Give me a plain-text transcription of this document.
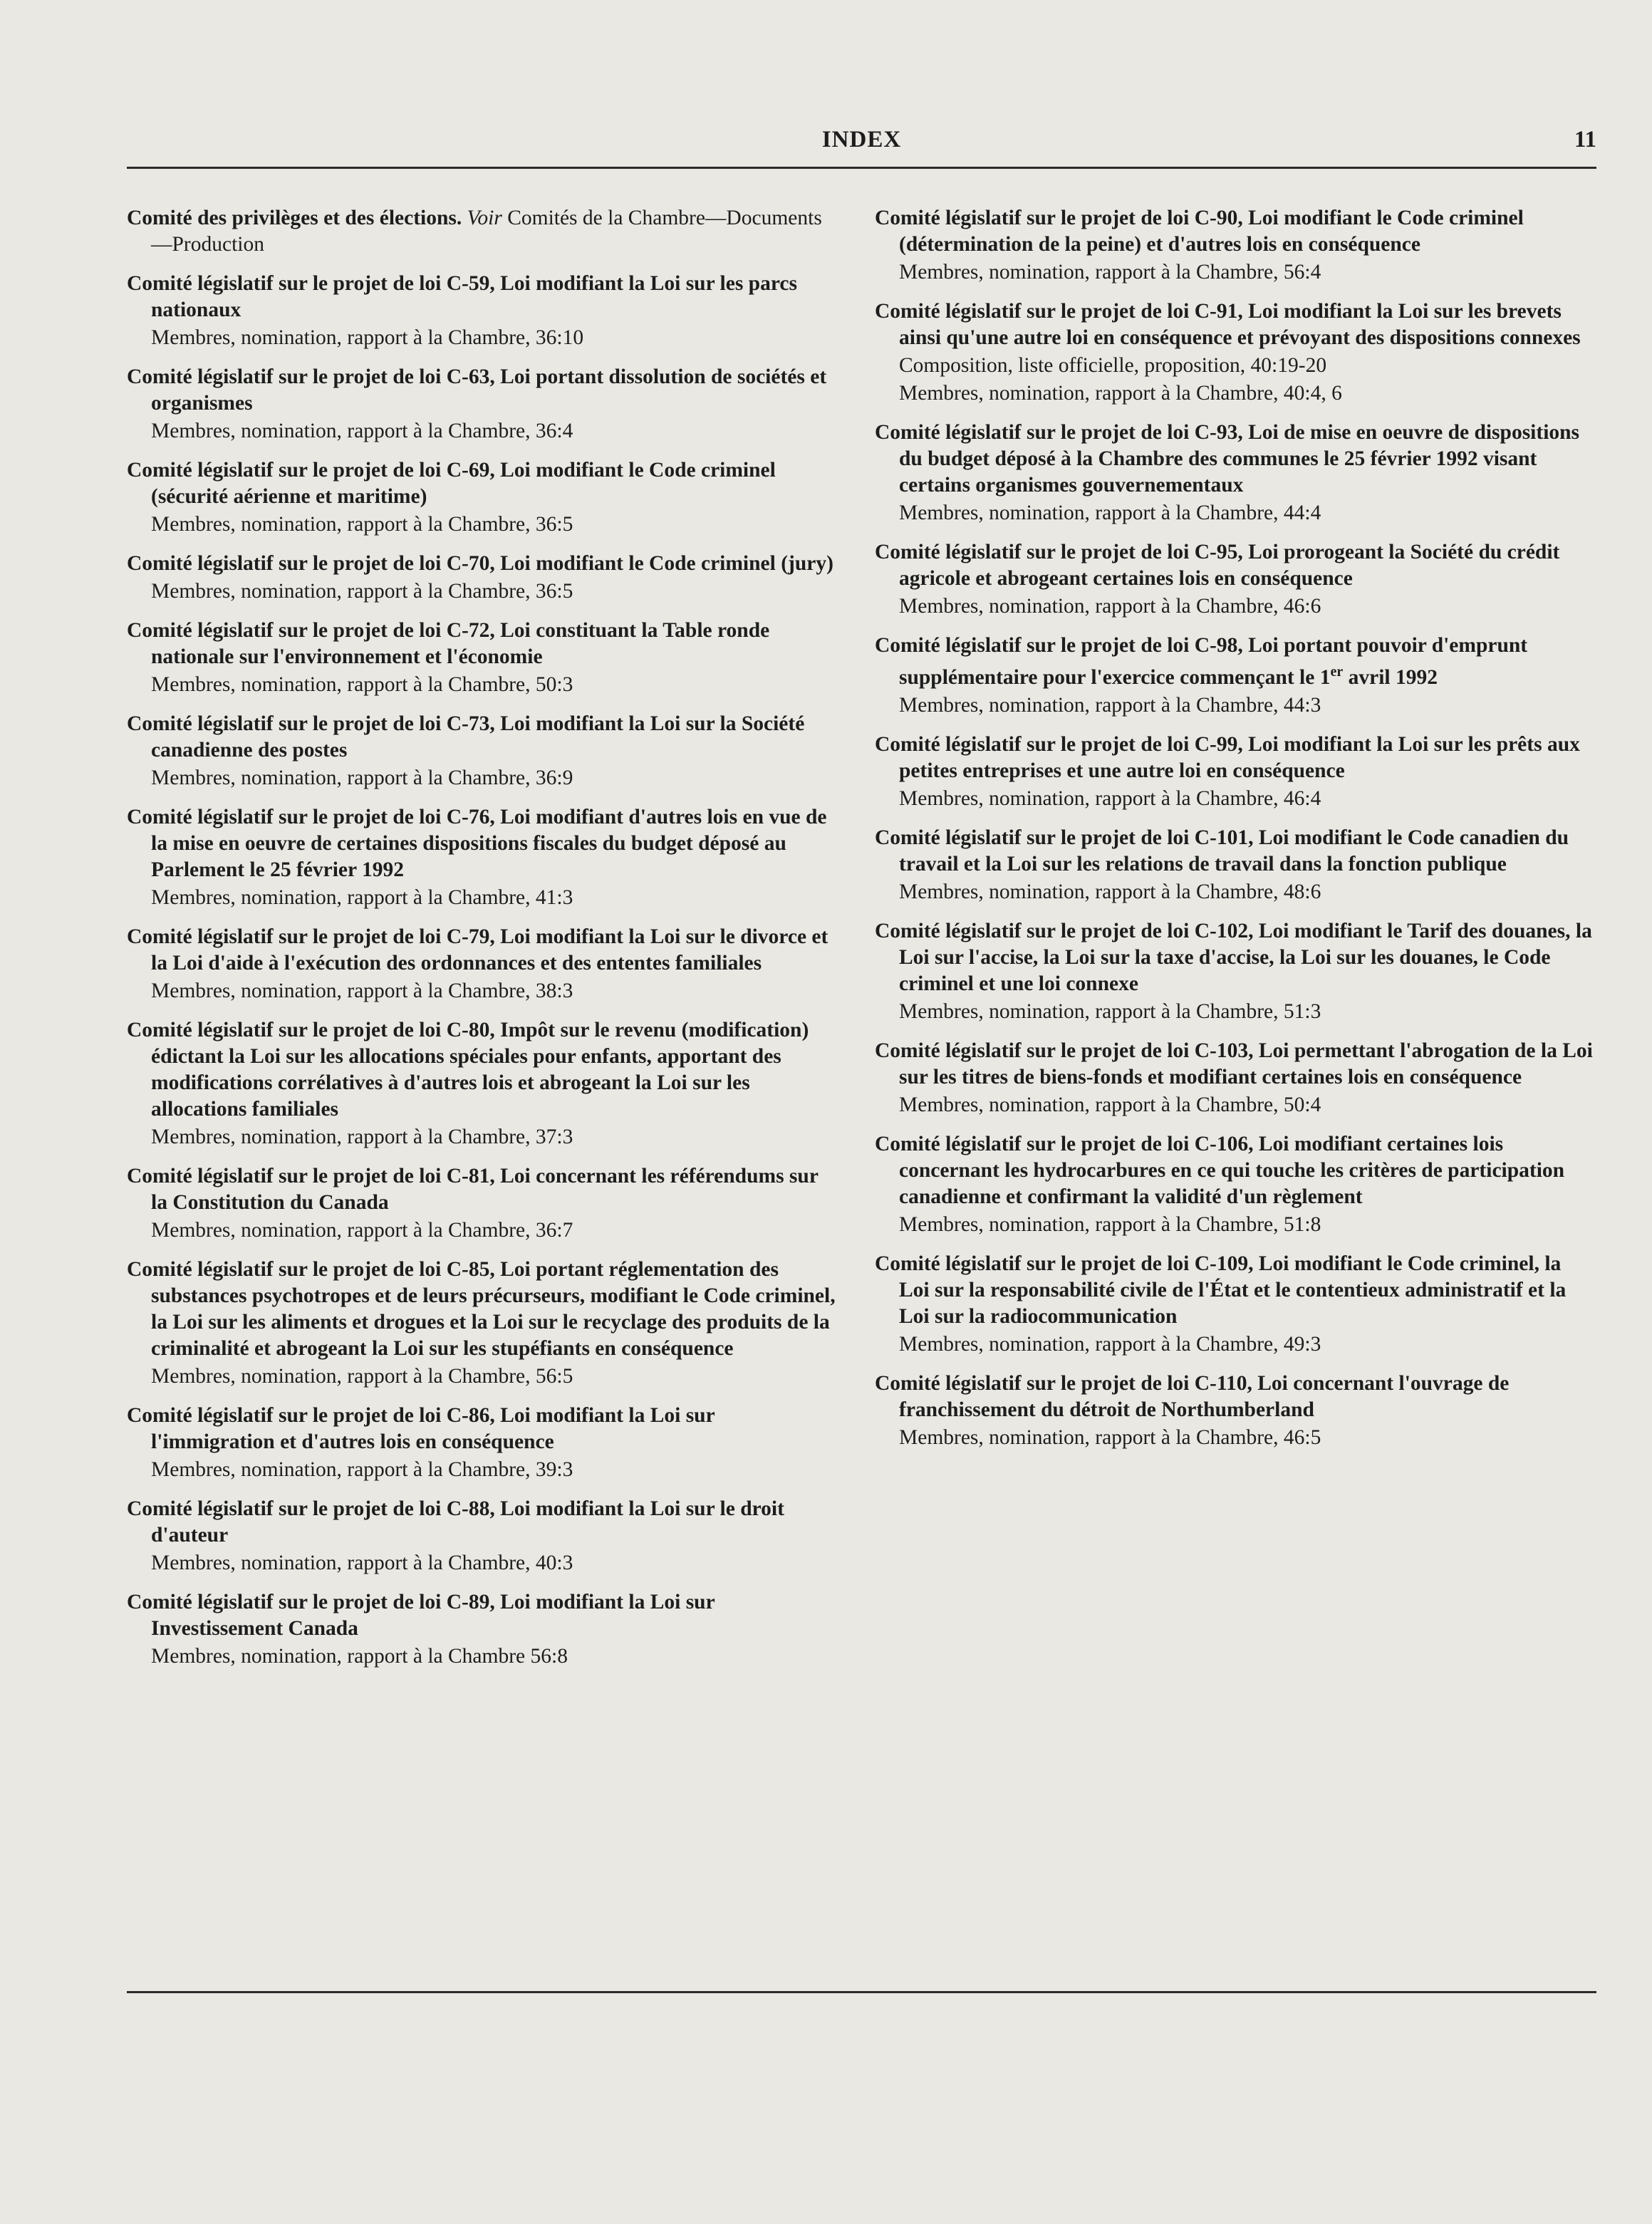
INDEX	11
Comité des privilèges et des élections. Voir Comités de la Chambre—Documents—Production
Comité législatif sur le projet de loi C-59, Loi modifiant la Loi sur les parcs nationaux
Membres, nomination, rapport à la Chambre, 36:10
Comité législatif sur le projet de loi C-63, Loi portant dissolution de sociétés et organismes
Membres, nomination, rapport à la Chambre, 36:4
Comité législatif sur le projet de loi C-69, Loi modifiant le Code criminel (sécurité aérienne et maritime)
Membres, nomination, rapport à la Chambre, 36:5
Comité législatif sur le projet de loi C-70, Loi modifiant le Code criminel (jury)
Membres, nomination, rapport à la Chambre, 36:5
Comité législatif sur le projet de loi C-72, Loi constituant la Table ronde nationale sur l'environnement et l'économie
Membres, nomination, rapport à la Chambre, 50:3
Comité législatif sur le projet de loi C-73, Loi modifiant la Loi sur la Société canadienne des postes
Membres, nomination, rapport à la Chambre, 36:9
Comité législatif sur le projet de loi C-76, Loi modifiant d'autres lois en vue de la mise en oeuvre de certaines dispositions fiscales du budget déposé au Parlement le 25 février 1992
Membres, nomination, rapport à la Chambre, 41:3
Comité législatif sur le projet de loi C-79, Loi modifiant la Loi sur le divorce et la Loi d'aide à l'exécution des ordonnances et des ententes familiales
Membres, nomination, rapport à la Chambre, 38:3
Comité législatif sur le projet de loi C-80, Impôt sur le revenu (modification) édictant la Loi sur les allocations spéciales pour enfants, apportant des modifications corrélatives à d'autres lois et abrogeant la Loi sur les allocations familiales
Membres, nomination, rapport à la Chambre, 37:3
Comité législatif sur le projet de loi C-81, Loi concernant les référendums sur la Constitution du Canada
Membres, nomination, rapport à la Chambre, 36:7
Comité législatif sur le projet de loi C-85, Loi portant réglementation des substances psychotropes et de leurs précurseurs, modifiant le Code criminel, la Loi sur les aliments et drogues et la Loi sur le recyclage des produits de la criminalité et abrogeant la Loi sur les stupéfiants en conséquence
Membres, nomination, rapport à la Chambre, 56:5
Comité législatif sur le projet de loi C-86, Loi modifiant la Loi sur l'immigration et d'autres lois en conséquence
Membres, nomination, rapport à la Chambre, 39:3
Comité législatif sur le projet de loi C-88, Loi modifiant la Loi sur le droit d'auteur
Membres, nomination, rapport à la Chambre, 40:3
Comité législatif sur le projet de loi C-89, Loi modifiant la Loi sur Investissement Canada
Membres, nomination, rapport à la Chambre 56:8
Comité législatif sur le projet de loi C-90, Loi modifiant le Code criminel (détermination de la peine) et d'autres lois en conséquence
Membres, nomination, rapport à la Chambre, 56:4
Comité législatif sur le projet de loi C-91, Loi modifiant la Loi sur les brevets ainsi qu'une autre loi en conséquence et prévoyant des dispositions connexes
Composition, liste officielle, proposition, 40:19-20
Membres, nomination, rapport à la Chambre, 40:4, 6
Comité législatif sur le projet de loi C-93, Loi de mise en oeuvre de dispositions du budget déposé à la Chambre des communes le 25 février 1992 visant certains organismes gouvernementaux
Membres, nomination, rapport à la Chambre, 44:4
Comité législatif sur le projet de loi C-95, Loi prorogeant la Société du crédit agricole et abrogeant certaines lois en conséquence
Membres, nomination, rapport à la Chambre, 46:6
Comité législatif sur le projet de loi C-98, Loi portant pouvoir d'emprunt supplémentaire pour l'exercice commençant le 1er avril 1992
Membres, nomination, rapport à la Chambre, 44:3
Comité législatif sur le projet de loi C-99, Loi modifiant la Loi sur les prêts aux petites entreprises et une autre loi en conséquence
Membres, nomination, rapport à la Chambre, 46:4
Comité législatif sur le projet de loi C-101, Loi modifiant le Code canadien du travail et la Loi sur les relations de travail dans la fonction publique
Membres, nomination, rapport à la Chambre, 48:6
Comité législatif sur le projet de loi C-102, Loi modifiant le Tarif des douanes, la Loi sur l'accise, la Loi sur la taxe d'accise, la Loi sur les douanes, le Code criminel et une loi connexe
Membres, nomination, rapport à la Chambre, 51:3
Comité législatif sur le projet de loi C-103, Loi permettant l'abrogation de la Loi sur les titres de biens-fonds et modifiant certaines lois en conséquence
Membres, nomination, rapport à la Chambre, 50:4
Comité législatif sur le projet de loi C-106, Loi modifiant certaines lois concernant les hydrocarbures en ce qui touche les critères de participation canadienne et confirmant la validité d'un règlement
Membres, nomination, rapport à la Chambre, 51:8
Comité législatif sur le projet de loi C-109, Loi modifiant le Code criminel, la Loi sur la responsabilité civile de l'État et le contentieux administratif et la Loi sur la radiocommunication
Membres, nomination, rapport à la Chambre, 49:3
Comité législatif sur le projet de loi C-110, Loi concernant l'ouvrage de franchissement du détroit de Northumberland
Membres, nomination, rapport à la Chambre, 46:5
